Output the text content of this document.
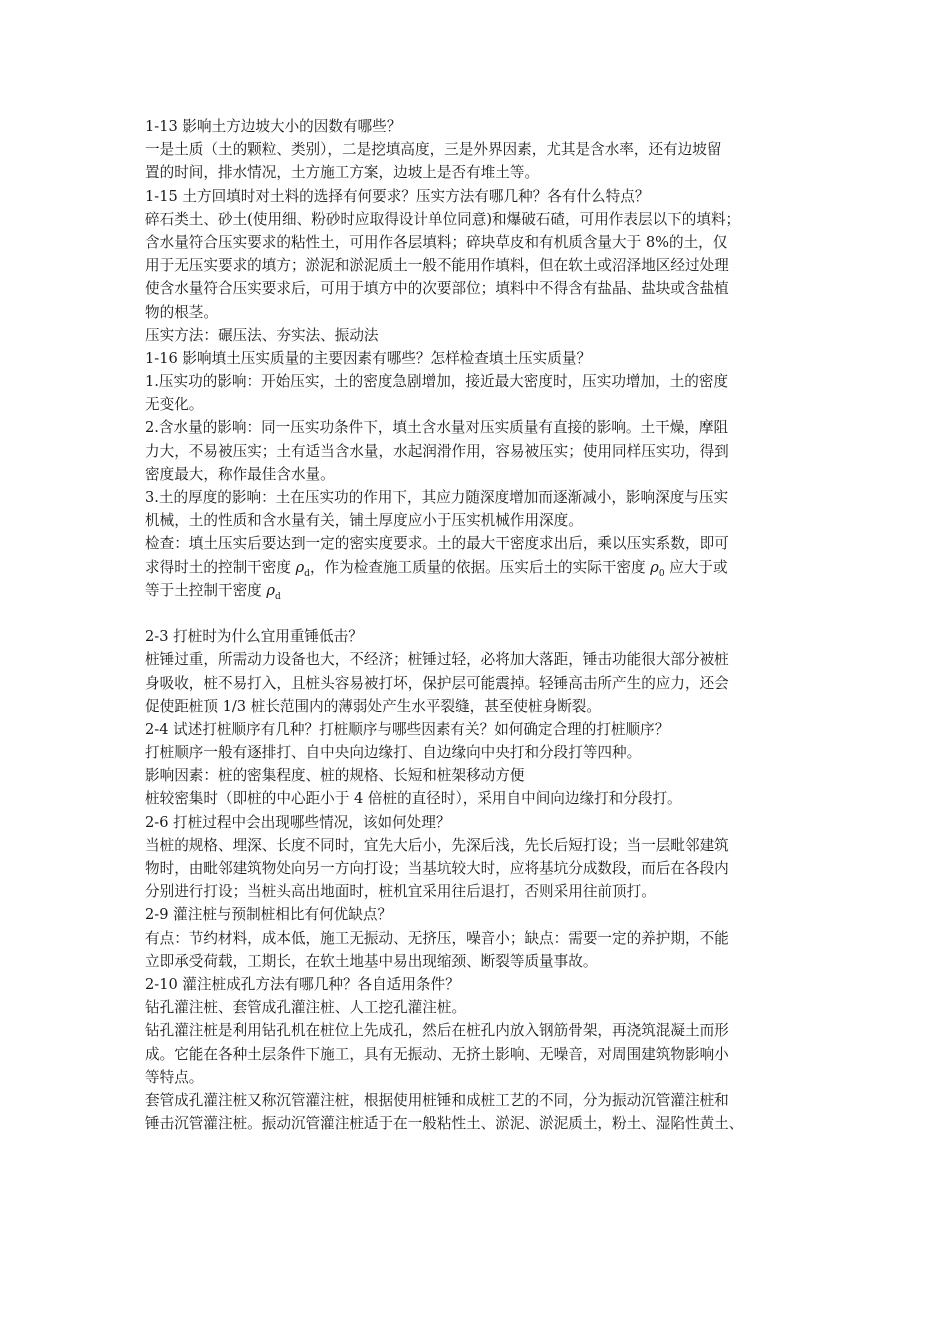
1-13 影响土方边坡大小的因数有哪些？
一是土质（土的颗粒、类别），二是挖填高度，三是外界因素，尤其是含水率，还有边坡留
置的时间，排水情况，土方施工方案，边坡上是否有堆土等。
1-15 土方回填时对土料的选择有何要求？压实方法有哪几种？各有什么特点？
碎石类土、砂土(使用细、粉砂时应取得设计单位同意)和爆破石碴，可用作表层以下的填料；
含水量符合压实要求的粘性土，可用作各层填料；碎块草皮和有机质含量大于 8%的土，仅
用于无压实要求的填方；淤泥和淤泥质土一般不能用作填料，但在软土或沼泽地区经过处理
使含水量符合压实要求后，可用于填方中的次要部位；填料中不得含有盐晶、盐块或含盐植
物的根茎。
压实方法：碾压法、夯实法、振动法
1-16 影响填土压实质量的主要因素有哪些？怎样检查填土压实质量？
1.压实功的影响：开始压实，土的密度急剧增加，接近最大密度时，压实功增加，土的密度
无变化。
2.含水量的影响：同一压实功条件下，填土含水量对压实质量有直接的影响。土干燥，摩阻
力大，不易被压实；土有适当含水量，水起润滑作用，容易被压实；使用同样压实功，得到
密度最大，称作最佳含水量。
3.土的厚度的影响：土在压实功的作用下，其应力随深度增加而逐渐减小，影响深度与压实
机械，土的性质和含水量有关，铺土厚度应小于压实机械作用深度。
检查：填土压实后要达到一定的密实度要求。土的最大干密度求出后，乘以压实系数，即可
求得时土的控制干密度 $\rho_d$，作为检查施工质量的依据。压实后土的实际干密度 $\rho_0$ 应大于或
等于土控制干密度 $\rho_d$
2-3 打桩时为什么宜用重锤低击？
桩锤过重，所需动力设备也大，不经济；桩锤过轻，必将加大落距，锤击功能很大部分被桩
身吸收，桩不易打入，且桩头容易被打坏，保护层可能震掉。轻锤高击所产生的应力，还会
促使距桩顶 1/3 桩长范围内的薄弱处产生水平裂缝，甚至使桩身断裂。
2-4 试述打桩顺序有几种？打桩顺序与哪些因素有关？如何确定合理的打桩顺序？
打桩顺序一般有逐排打、自中央向边缘打、自边缘向中央打和分段打等四种。
影响因素：桩的密集程度、桩的规格、长短和桩架移动方便
桩较密集时（即桩的中心距小于 4 倍桩的直径时），采用自中间向边缘打和分段打。
2-6 打桩过程中会出现哪些情况，该如何处理？
当桩的规格、埋深、长度不同时，宜先大后小，先深后浅，先长后短打设；当一层毗邻建筑
物时，由毗邻建筑物处向另一方向打设；当基坑较大时，应将基坑分成数段，而后在各段内
分别进行打设；当桩头高出地面时，桩机宜采用往后退打，否则采用往前顶打。
2-9 灌注桩与预制桩相比有何优缺点？
有点：节约材料，成本低，施工无振动、无挤压，噪音小；缺点：需要一定的养护期，不能
立即承受荷载，工期长，在软土地基中易出现缩颈、断裂等质量事故。
2-10 灌注桩成孔方法有哪几种？各自适用条件？
钻孔灌注桩、套管成孔灌注桩、人工挖孔灌注桩。
钻孔灌注桩是利用钻孔机在桩位上先成孔，然后在桩孔内放入钢筋骨架，再浇筑混凝土而形
成。它能在各种土层条件下施工，具有无振动、无挤土影响、无噪音，对周围建筑物影响小
等特点。
套管成孔灌注桩又称沉管灌注桩，根据使用桩锤和成桩工艺的不同，分为振动沉管灌注桩和
锤击沉管灌注桩。振动沉管灌注桩适于在一般粘性土、淤泥、淤泥质土，粉土、湿陷性黄土、
